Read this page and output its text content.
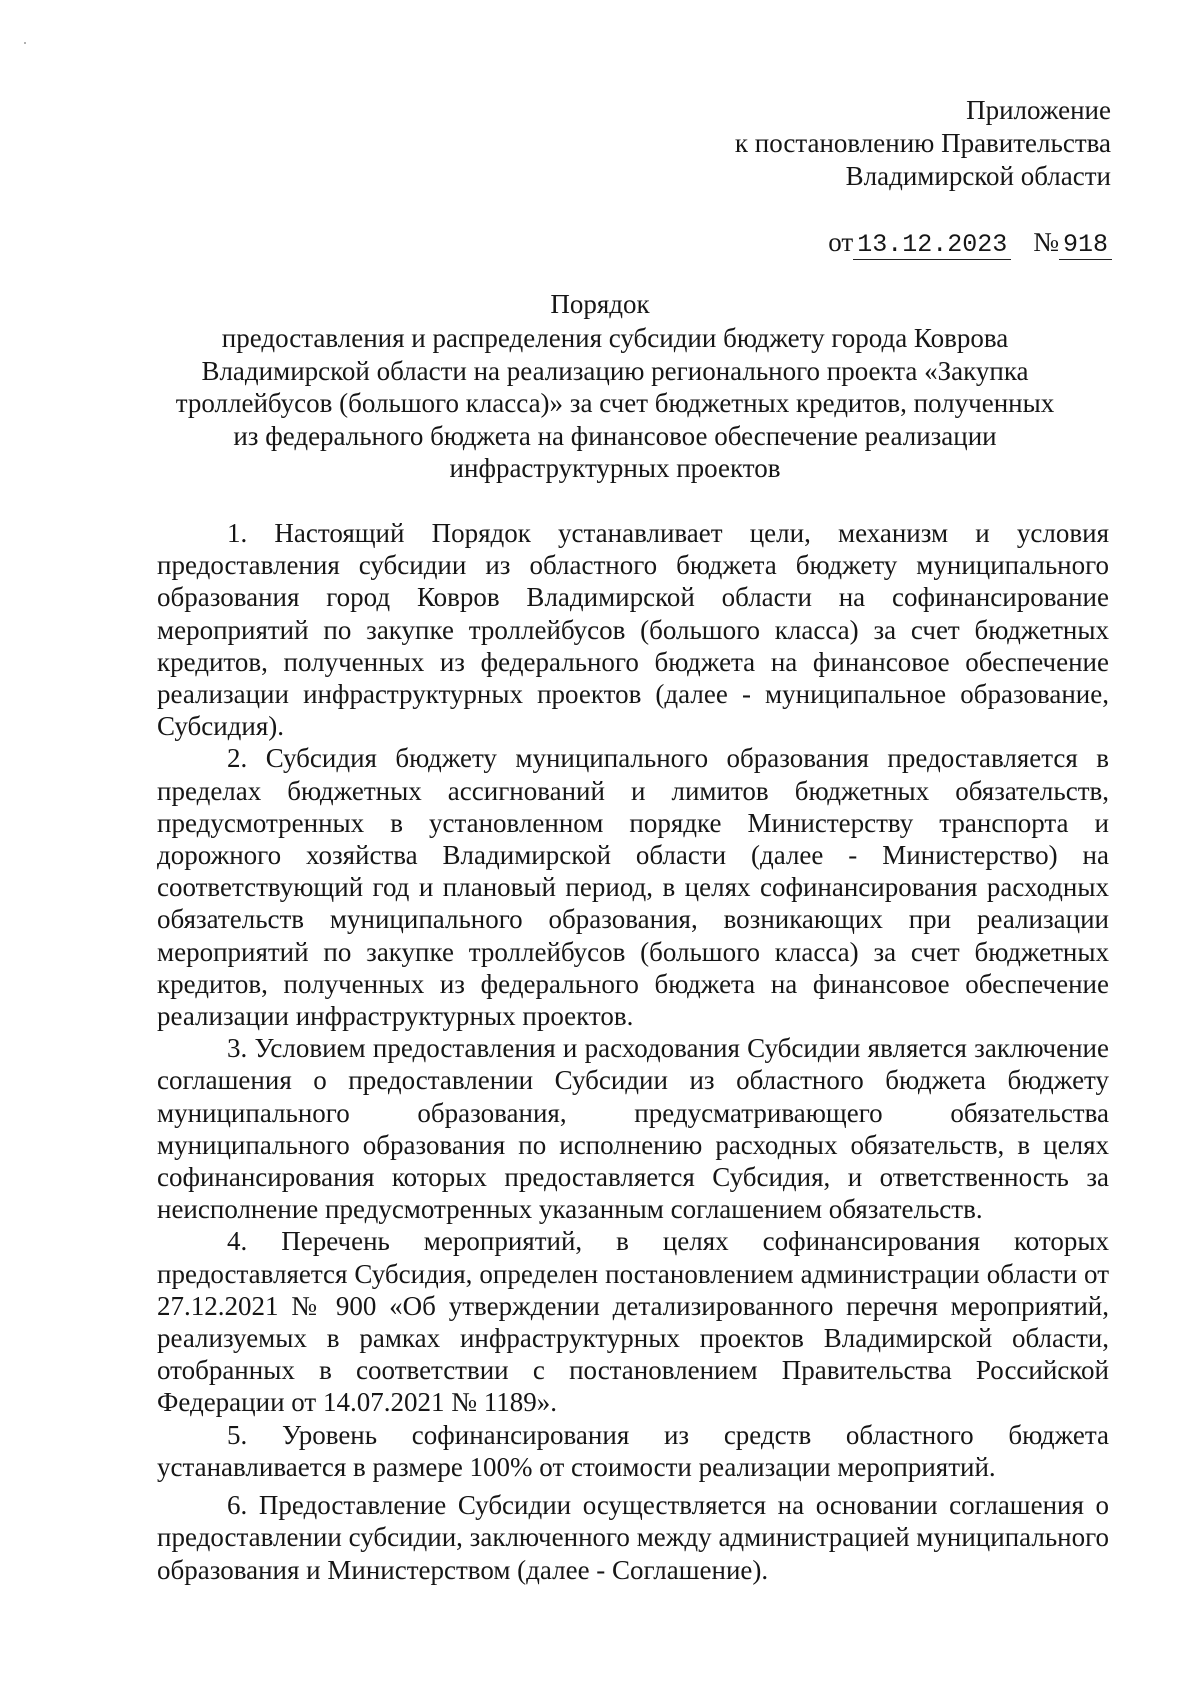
Приложение
к постановлению Правительства
Владимирской области
от 13.12.2023 № 918
Порядок
предоставления и распределения субсидии бюджету города Коврова Владимирской области на реализацию регионального проекта «Закупка троллейбусов (большого класса)» за счет бюджетных кредитов, полученных из федерального бюджета на финансовое обеспечение реализации инфраструктурных проектов

1. Настоящий Порядок устанавливает цели, механизм и условия предоставления субсидии из областного бюджета бюджету муниципального образования город Ковров Владимирской области на софинансирование мероприятий по закупке троллейбусов (большого класса) за счет бюджетных кредитов, полученных из федерального бюджета на финансовое обеспечение реализации инфраструктурных проектов (далее - муниципальное образование, Субсидия).

2. Субсидия бюджету муниципального образования предоставляется в пределах бюджетных ассигнований и лимитов бюджетных обязательств, предусмотренных в установленном порядке Министерству транспорта и дорожного хозяйства Владимирской области (далее - Министерство) на соответствующий год и плановый период, в целях софинансирования расходных обязательств муниципального образования, возникающих при реализации мероприятий по закупке троллейбусов (большого класса) за счет бюджетных кредитов, полученных из федерального бюджета на финансовое обеспечение реализации инфраструктурных проектов.

3. Условием предоставления и расходования Субсидии является заключение соглашения о предоставлении Субсидии из областного бюджета бюджету муниципального образования, предусматривающего обязательства муниципального образования по исполнению расходных обязательств, в целях софинансирования которых предоставляется Субсидия, и ответственность за неисполнение предусмотренных указанным соглашением обязательств.

4. Перечень мероприятий, в целях софинансирования которых предоставляется Субсидия, определен постановлением администрации области от 27.12.2021 № 900 «Об утверждении детализированного перечня мероприятий, реализуемых в рамках инфраструктурных проектов Владимирской области, отобранных в соответствии с постановлением Правительства Российской Федерации от 14.07.2021 № 1189».

5. Уровень софинансирования из средств областного бюджета устанавливается в размере 100% от стоимости реализации мероприятий.

6. Предоставление Субсидии осуществляется на основании соглашения о предоставлении субсидии, заключенного между администрацией муниципального образования и Министерством (далее - Соглашение).
